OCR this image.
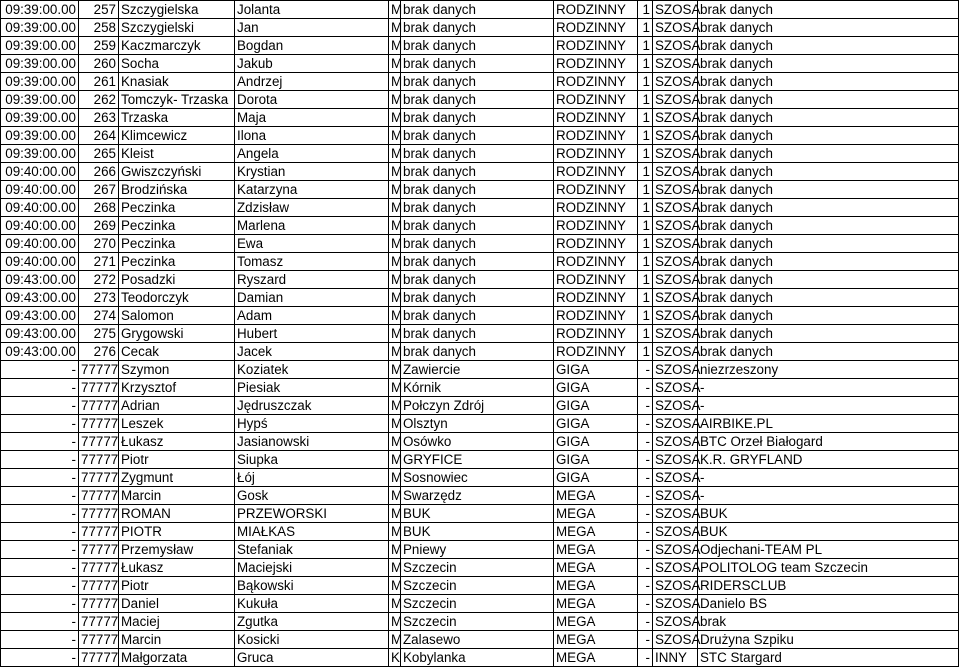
09:39:00.00	257	Szczygielska	Jolanta	M	brak danych	RODZINNY	1	SZOSA	brak danych
09:39:00.00	258	Szczygielski	Jan	M	brak danych	RODZINNY	1	SZOSA	brak danych
09:39:00.00	259	Kaczmarczyk	Bogdan	M	brak danych	RODZINNY	1	SZOSA	brak danych
09:39:00.00	260	Socha	Jakub	M	brak danych	RODZINNY	1	SZOSA	brak danych
09:39:00.00	261	Knasiak	Andrzej	M	brak danych	RODZINNY	1	SZOSA	brak danych
09:39:00.00	262	Tomczyk- Trzaska	Dorota	M	brak danych	RODZINNY	1	SZOSA	brak danych
09:39:00.00	263	Trzaska	Maja	M	brak danych	RODZINNY	1	SZOSA	brak danych
09:39:00.00	264	Klimcewicz	Ilona	M	brak danych	RODZINNY	1	SZOSA	brak danych
09:39:00.00	265	Kleist	Angela	M	brak danych	RODZINNY	1	SZOSA	brak danych
09:40:00.00	266	Gwiszczyński	Krystian	M	brak danych	RODZINNY	1	SZOSA	brak danych
09:40:00.00	267	Brodzińska	Katarzyna	M	brak danych	RODZINNY	1	SZOSA	brak danych
09:40:00.00	268	Peczinka	Zdzisław	M	brak danych	RODZINNY	1	SZOSA	brak danych
09:40:00.00	269	Peczinka	Marlena	M	brak danych	RODZINNY	1	SZOSA	brak danych
09:40:00.00	270	Peczinka	Ewa	M	brak danych	RODZINNY	1	SZOSA	brak danych
09:40:00.00	271	Peczinka	Tomasz	M	brak danych	RODZINNY	1	SZOSA	brak danych
09:43:00.00	272	Posadzki	Ryszard	M	brak danych	RODZINNY	1	SZOSA	brak danych
09:43:00.00	273	Teodorczyk	Damian	M	brak danych	RODZINNY	1	SZOSA	brak danych
09:43:00.00	274	Salomon	Adam	M	brak danych	RODZINNY	1	SZOSA	brak danych
09:43:00.00	275	Grygowski	Hubert	M	brak danych	RODZINNY	1	SZOSA	brak danych
09:43:00.00	276	Cecak	Jacek	M	brak danych	RODZINNY	1	SZOSA	brak danych
-	77777	Szymon	Koziatek	M	Zawiercie	GIGA	-	SZOSA	niezrzeszony
-	77777	Krzysztof	Piesiak	M	Kórnik	GIGA	-	SZOSA	-
-	77777	Adrian	Jędruszczak	M	Połczyn Zdrój	GIGA	-	SZOSA	-
-	77777	Leszek	Hypś	M	Olsztyn	GIGA	-	SZOSA	AIRBIKE.PL
-	77777	Łukasz	Jasianowski	M	Osówko	GIGA	-	SZOSA	BTC Orzeł Białogard
-	77777	Piotr	Siupka	M	GRYFICE	GIGA	-	SZOSA	K.R. GRYFLAND
-	77777	Zygmunt	Łój	M	Sosnowiec	GIGA	-	SZOSA	-
-	77777	Marcin	Gosk	M	Swarzędz	MEGA	-	SZOSA	-
-	77777	ROMAN	PRZEWORSKI	M	BUK	MEGA	-	SZOSA	BUK
-	77777	PIOTR	MIAŁKAS	M	BUK	MEGA	-	SZOSA	BUK
-	77777	Przemysław	Stefaniak	M	Pniewy	MEGA	-	SZOSA	Odjechani-TEAM PL
-	77777	Łukasz	Maciejski	M	Szczecin	MEGA	-	SZOSA	POLITOLOG team Szczecin
-	77777	Piotr	Bąkowski	M	Szczecin	MEGA	-	SZOSA	RIDERSCLUB
-	77777	Daniel	Kukuła	M	Szczecin	MEGA	-	SZOSA	Danielo BS
-	77777	Maciej	Zgutka	M	Szczecin	MEGA	-	SZOSA	brak
-	77777	Marcin	Kosicki	M	Zalasewo	MEGA	-	SZOSA	Drużyna Szpiku
-	77777	Małgorzata	Gruca	K	Kobylanka	MEGA	-	INNY	STC Stargard
